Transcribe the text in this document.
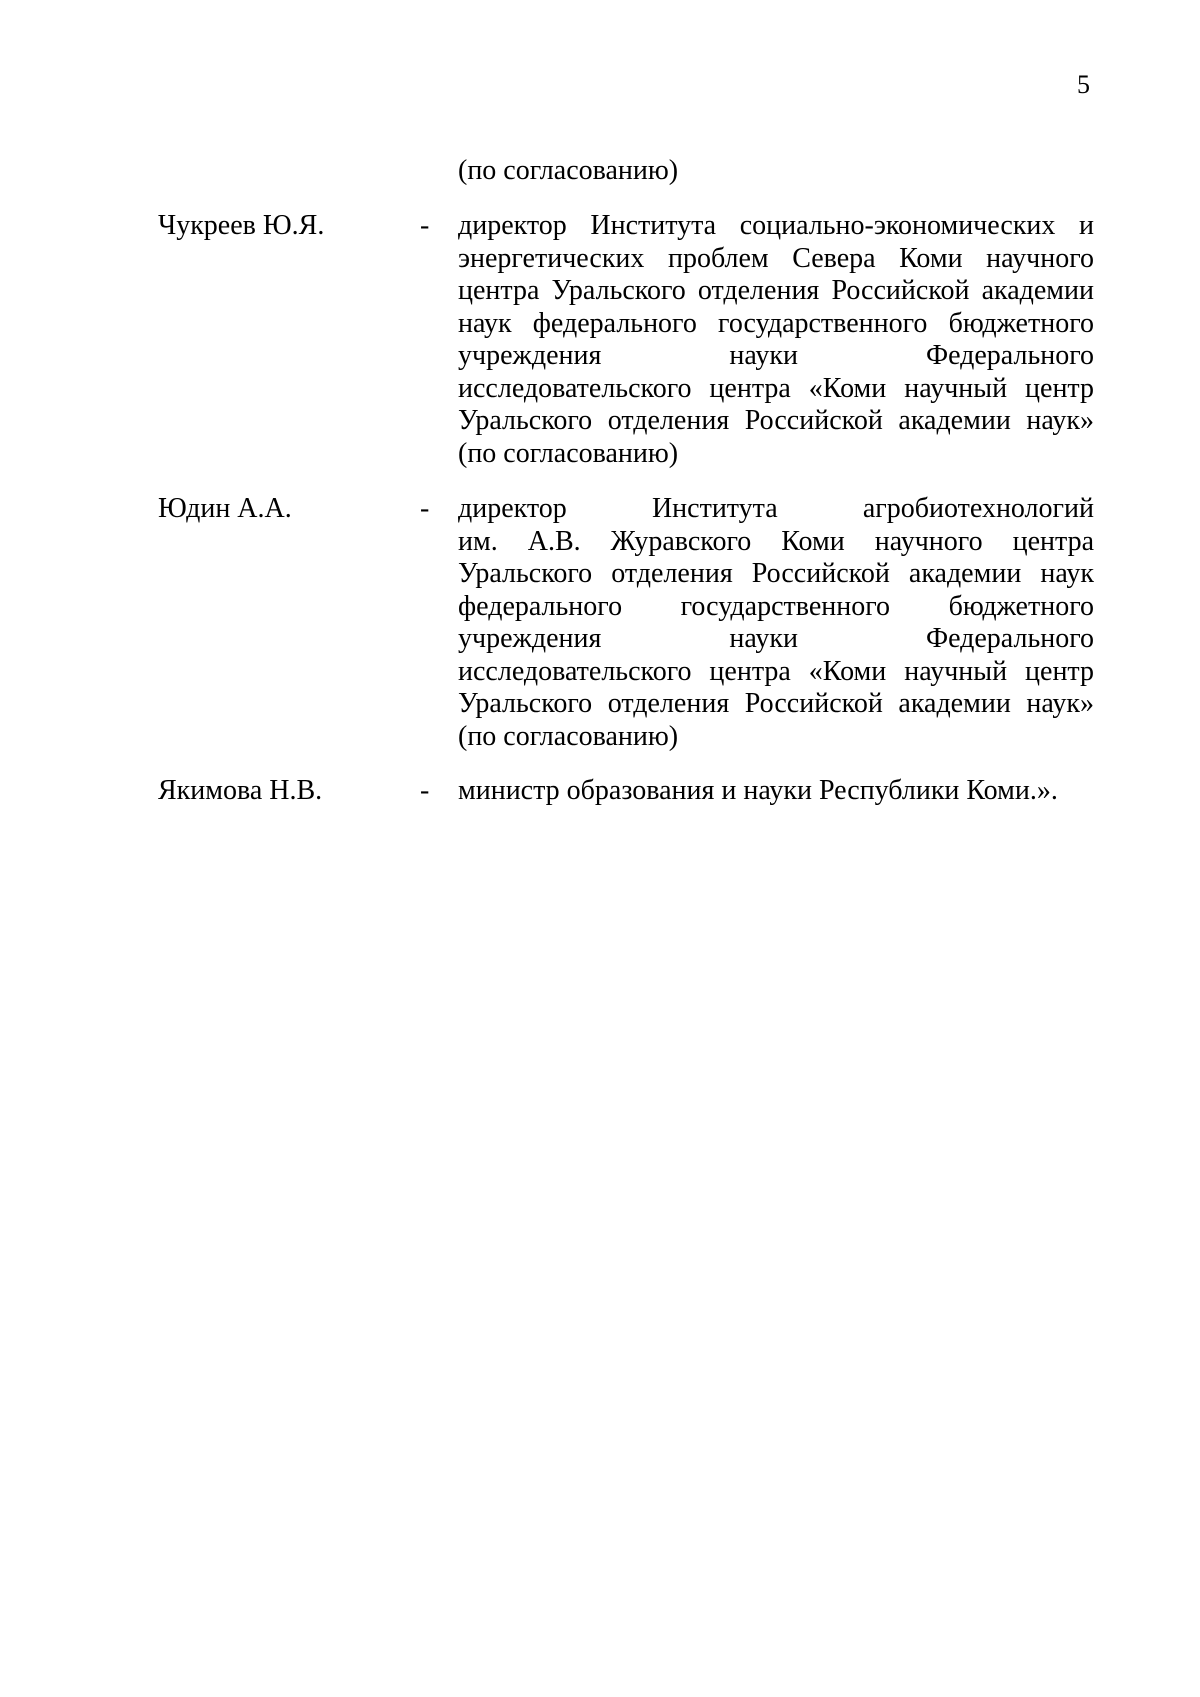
5
(по согласованию)
Чукреев Ю.Я.	- директор Института социально-экономических и
энергетических проблем Севера Коми научного
центра Уральского отделения Российской академии
наук федерального государственного бюджетного
учреждения науки Федерального
исследовательского центра «Коми научный центр
Уральского отделения Российской академии наук»
(по согласованию)
Юдин А.А.	- директор Института агробиотехнологий
им. А.В. Журавского Коми научного центра
Уральского отделения Российской академии наук
федерального государственного бюджетного
учреждения науки Федерального
исследовательского центра «Коми научный центр
Уральского отделения Российской академии наук»
(по согласованию)
Якимова Н.В.	- министр образования и науки Республики Коми.».
